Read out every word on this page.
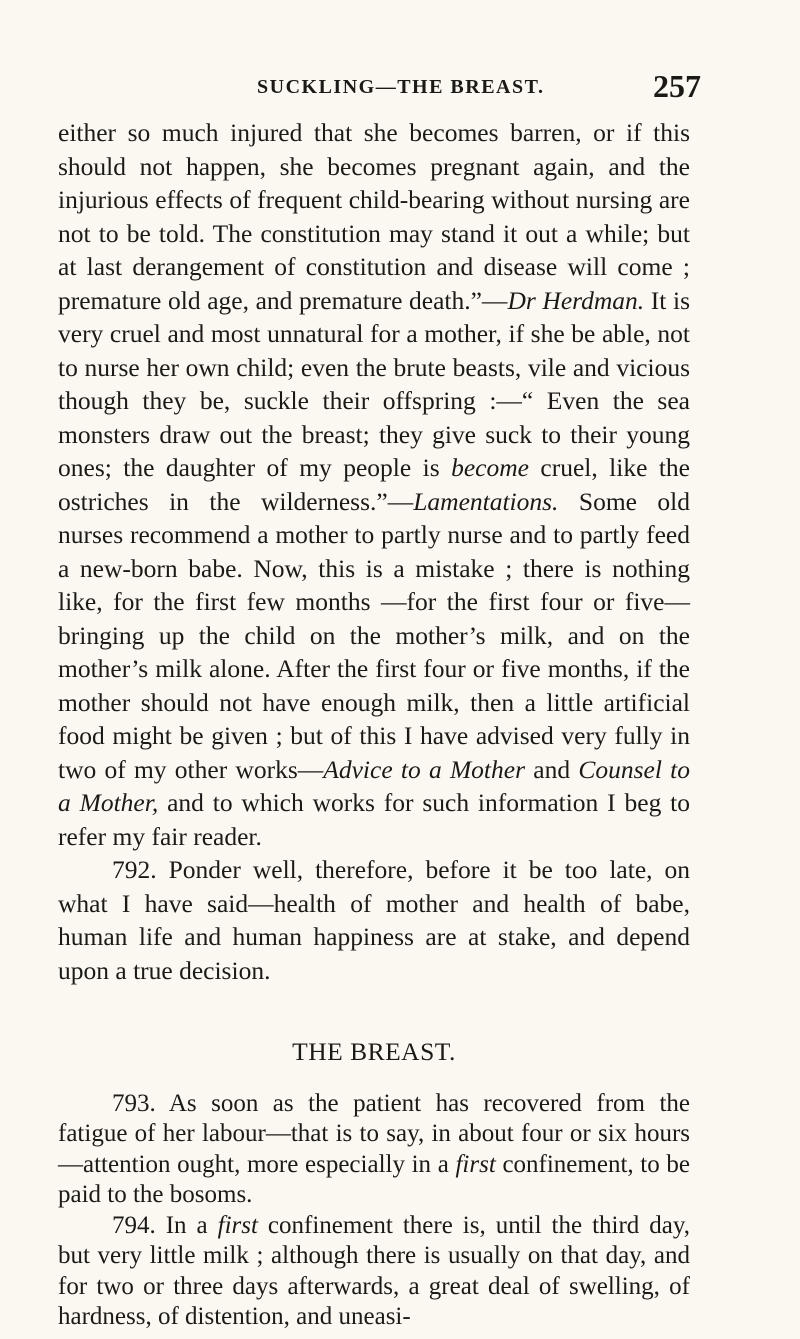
SUCKLING—THE BREAST.	257

either so much injured that she becomes barren, or if this should not happen, she becomes pregnant again, and the injurious effects of frequent child-bearing without nursing are not to be told. The constitution may stand it out a while; but at last derangement of constitution and disease will come ; premature old age, and premature death.”—Dr Herdman. It is very cruel and most unnatural for a mother, if she be able, not to nurse her own child; even the brute beasts, vile and vicious though they be, suckle their offspring :—“ Even the sea monsters draw out the breast; they give suck to their young ones; the daughter of my people is become cruel, like the ostriches in the wilderness.”—Lamentations. Some old nurses recommend a mother to partly nurse and to partly feed a new-born babe. Now, this is a mistake ; there is nothing like, for the first few months —for the first four or five—bringing up the child on the mother’s milk, and on the mother’s milk alone. After the first four or five months, if the mother should not have enough milk, then a little artificial food might be given ; but of this I have advised very fully in two of my other works—Advice to a Mother and Counsel to a Mother, and to which works for such information I beg to refer my fair reader.

792. Ponder well, therefore, before it be too late, on what I have said—health of mother and health of babe, human life and human happiness are at stake, and depend upon a true decision.

THE BREAST.

793. As soon as the patient has recovered from the fatigue of her labour—that is to say, in about four or six hours—attention ought, more especially in a first confinement, to be paid to the bosoms.

794. In a first confinement there is, until the third day, but very little milk ; although there is usually on that day, and for two or three days afterwards, a great deal of swelling, of hardness, of distention, and uneasi-
